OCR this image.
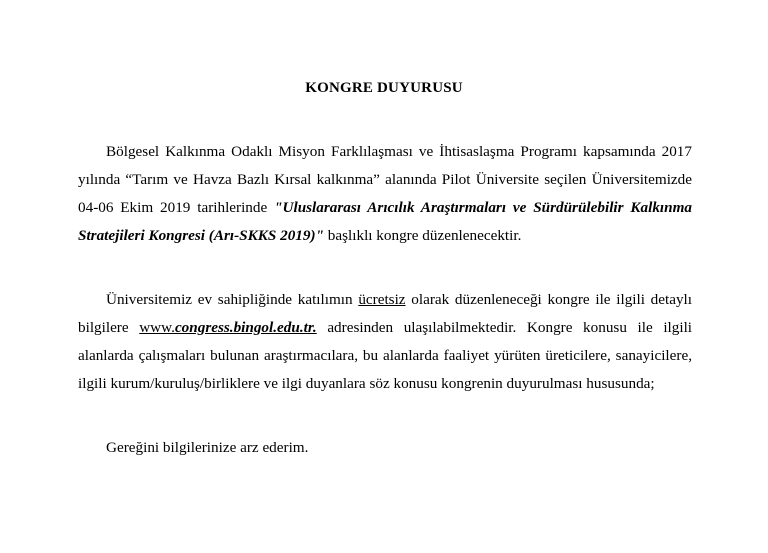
KONGRE DUYURUSU

Bölgesel Kalkınma Odaklı Misyon Farklılaşması ve İhtisaslaşma Programı kapsamında 2017 yılında “Tarım ve Havza Bazlı Kırsal kalkınma” alanında Pilot Üniversite seçilen Üniversitemizde 04-06 Ekim 2019 tarihlerinde "Uluslararası Arıcılık Araştırmaları ve Sürdürülebilir Kalkınma Stratejileri Kongresi (Arı-SKKS 2019)" başlıklı kongre düzenlenecektir.

Üniversitemiz ev sahipliğinde katılımın ücretsiz olarak düzenleneceği kongre ile ilgili detaylı bilgilere www.congress.bingol.edu.tr. adresinden ulaşılabilmektedir. Kongre konusu ile ilgili alanlarda çalışmaları bulunan araştırmacılara, bu alanlarda faaliyet yürüten üreticilere, sanayicilere, ilgili kurum/kuruluş/birliklere ve ilgi duyanlara söz konusu kongrenin duyurulması hususunda;

Gereğini bilgilerinize arz ederim.
